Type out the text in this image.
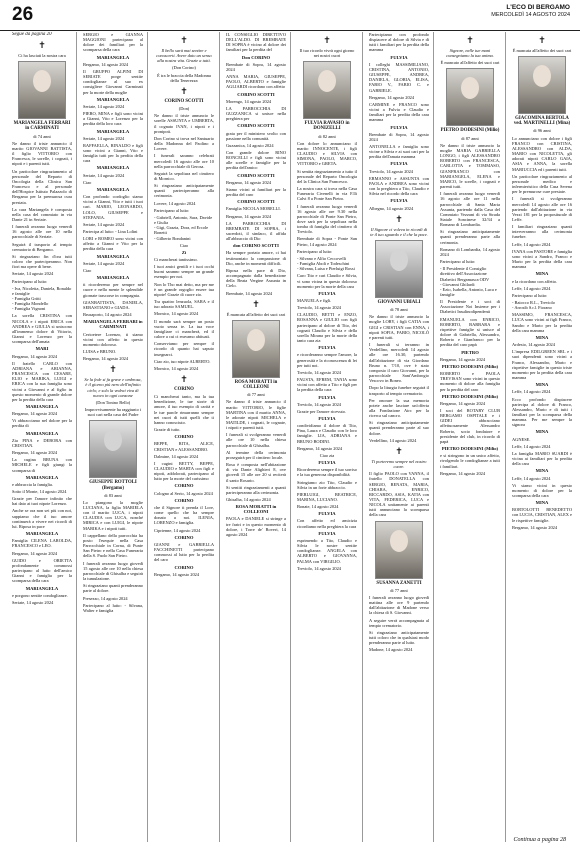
26	L'ECO DI BERGAMO
MERCOLEDÌ 14 AGOSTO 2024
Segue da pagina 20
✝

Ci ha lasciati la nostra cara

MARIANGELA FERRARI in CARMINATI

di 74 anni

Ne danno il triste annuncio il marito GIOVANNI BATTISTA, il figlio VITTORIO con Francesca, le sorelle, i cognati, i nipoti e i parenti tutti.

Un particolare ringraziamento al personale del Reparto di Oncologia della Clinica San Francesco e al personale dell'Hospice Istituto Palazzolo di Bergamo per la premurosa cura prestata.

La cara Mariangela è composta nella casa del commiato in via Dante 21 in Seriate.

I funerali avranno luogo venerdì 16 agosto alle ore 10 nella parrocchiale di Seriate.

Seguirà il trasporto al tempio crematorio di Bergamo.

Si ringraziano fin d'ora tutti coloro che parteciperanno. Non fiori ma opere di bene.

Seriate, 14 agosto 2024

Partecipano al lutto:

- Iva, Nicoletta, Daniela, Ronaldo e famiglie
- Famiglia Gritti
- Famiglia Mondello
- Famiglia Vignoni

La sorella CRISTINA con NICOLA e i nipoti ERICA con ANDREA e GIULIA si uniscono all'immenso dolore di Vittorio, Gianni e Lorenzo per la scomparsa dell'amata

MARI

Bergamo, 14 agosto 2024

Il fratello CARLO con ADRIANA e ARIANNA, FRANCESCA con CESARE, ELIO e MARIKA, LUIGI e ERICA con la sua famiglia sono vicini a Giovanni e al figlio in questo momento di grande dolore per la perdita della cara

MARIANGELA

Bergamo, 14 agosto 2024

Vi abbracciamo nel dolore per la perdita di

MARIANGELA

Zia PINA e DEBORA con CRISTIAN.

Bergamo, 14 agosto 2024

La cugina BRUNA con MICHELE e figli giungi la scomparsa di

MARIANGELA

e abbraccia la famiglia.

Sotto il Monte, 14 agosto 2024

Grazie per l'amore infinito che hai dato ai tuoi nipote Lorenzo.

Anche se ora non sei più con noi, sappiamo che il tuo amore continuerà a vivere nei ricordi di lui. Riposa in pace

MARIANGELA

Famiglia CILENA LAROLDA, FRANCESCO e LEO.

Bergamo, 14 agosto 2024

GUIDO e ORIETTA profondamente commossi partecipano al lutto dell'amico Gianni e famiglia per la scomparsa della cara

MARIANGELA

e porgono sentite condoglianze.

Seriate, 14 agosto 2024

SERGIO e GIANNA MAGGIONI partecipano al dolore dei familiari per la scomparsa della cara

MARIANGELA

Bergamo, 14 agosto 2024

Il GRUPPO ALPINI DI SERIATE porge sentite condoglianze al suo ex consigliere Giovanni Carminati per la morte della moglie

MARIANGELA

Seriate, 14 agosto 2024

PIERO, MINA e figli sono vicini a Gianni, Vito e Lorenzo per la perdita della loro cara

MARIANGELA

Seriate, 14 agosto 2024

RAFFAELLA, RINALDO e figli sono vicini a Gianni, Vito e famiglia tutti per la perdita della cara

MARIANGELA

Seriate, 14 agosto 2024

Ciao

MARIANGELA

Con profondo cordoglio siamo vicini a Gianni, Vito e tutti i tuoi cari. MARIO, LEONARDO, LOLO, GIUSEPPE e STEFANIA.

Seriate, 14 agosto 2024

Partecipa al lutto: - Lina Lolini

LORI e ROMEO sono vicini con affetto a Gianni e Vito per la perdita della cara

MARIANGELA

Seriate, 14 agosto 2024

Ciao

MARIANGELA

ti ricorderemo per sempre nel cuore e nella mente le splendide giornate trascorse in compagnia.

GIANBATTISTA, DANIELA, SEBASTIANO e GIADA.

Brusaporto, 14 agosto 2024

MARIANGELA FERRARI in CARMINATI

Cerioetere Lorenzo, ti siamo vicini con affetto in questo momento doloroso.

LUISA e BRUNO.

Bergamo, 14 agosto 2024

✝

Se la fede si fa grave e ombrosa, è il giorno più nero dell'infinito cielo; e solo la vedrai viva di nuovo in ogni canzone

(Don Tonino Bello)

Improvvisamente ha raggiunto i suoi cari nella casa del Padre

GIUSEPPE ROTTOLI (Bergamo)

di 83 anni

Lo piangono la moglie LUCIANA, la figlia MARIELA con il marito LUCA, i nipoti CLAUDIA con LUCA, nonché MIRICA e con LUIGI, le nipote MARIKA e i nipoti tutti.

Il cappellano della parrocchia ha posto l'esequie nella Casa Parrocchiale in Corna, di Punte San Pietro e nella Casa Funeraria della S. Paolo San Pietro.

I funerali avranno luogo giovedì 15 agosto alle ore 10 nella chiesa parrocchiale di Ghisalba e seguirà la tumulazione.

Si ringraziano quanti prenderanno parte al dolore.

Presezzo, 14 agosto 2024

Partecipano al lutto: - Silvana, Walter e famiglia

✝

Il bello sarà mai sentire e conoscerti. Avere dato un senso alla nostra vita. Grazie a tutti.

(Don Corino)

È tra le braccia della Madonna della Tenerezza

✝
CORINO SCOTTI

(Don)

Ne danno il triste annuncio le sorelle ASSUNTA e UMBERTA, il cognato IVAN, i nipoti e i pronipoti.

Don Corino si trova nel Santuario della Madonna del Paolino a Lovere.

I funerali saranno celebrati mercoledì 16 agosto alle ore 10 nella parrocchiale di Gerosa.

Seguirà la sepoltura nel cimitero di Mornico.

Si ringraziano anticipatamente quanti parteciperanno alla cerimonia.

Lovere, 14 agosto 2024

Partecipano al lutto:

- Gabriell, Antonio, Sara, Davide e Giulia
- Gigi, Grazia, Dora, ed Ercole Bonetti
- Gilberto Bondanini

Ciao

Zi

Ci mancherai tantissimo.

I tuoi amici gentili e i tuoi occhi buoni saranno sempre un grande esempio per noi.

Non lo Tho mai detto, ma per me è un grande orgoglio essere tua nipote! Grazie di cuore zio.

Tra quattro lenzuola, SARA e il tuo adorato SAMUEL.

Mornico, 14 agosto 2024

Il mondo sarà sempre un posto vuoto senza te. La tua voce famigliare ci mancherà, ed il calore a cui ci eravamo abituati.

Conserviamo per sempre il ricordo di quanto hai saputo insegnarci.

Ciao zio, tuo nipote ALBERTO.

Mornico, 14 agosto 2024

✝
CORINO

Ci mancherai tanto, ma la tua benedizione, le tue storie di amore, il tuo esempio di carità e le tue parole rimarranno sempre nei cuori di tutti quelli che ti hanno conosciuto.

Grazie di tutto.

CORINO

BEPPE, RITA, ALICE, CRISTIAN e ALESSANDRO.

Dalmine, 14 agosto 2024

I cugini BETTY, BEPPE, CLAUDIO e MARTA con figli e nipoti, addolorati, partecipano al lutto per la morte del carissimo

CORINO

Cologno al Serio, 14 agosto 2024

CORINO

che il Signore ti prenda il Lore, come quello che ha sempre donato a noi. ILENIA, LORENZO e famiglia.

Ciprienne, 14 agosto 2024

CORINO

GIANNI e GABRIELLA FACCHINETTI partecipano commossi al lutto per la perdita del caro

CORINO

Bergamo, 14 agosto 2024

IL CONSIGLIO DIRETTIVO DELL'ALDO. DI BREMBATE DI SOPRA è vicino al dolore dei familiari per la perdita del

Don CORINO

Brembate di Sopra, 14 agosto 2024

ANNA MARIA, GIUSEPPE, PAOLO, ALBERTO e famiglie AGLIARDI ricordano con affetto

CORINO SCOTTI

Morengo, 14 agosto 2024

LA PARROCCHIA DI GUZZANICA si unisce nella preghiera per

CORINO SCOTTI

grata per il ministero svolto con passione nella comunità.

Guzzanica, 14 agosto 2024

Con grande dolore RINO RONCELLI e figli sono vicini alle sorelle e famiglie per la perdita dell'amico

CORINO SCOTTI

Bergamo, 14 agosto 2024

Siamo vicini ai familiari per la perdita del caro

CORINO SCOTTI

Famiglia NICOLA MORELLI.

Bergamo, 14 agosto 2024

LA PARROCCHIA DI BREMBATE DI SOPRA, i sacerdoti, il sindaco, il affida all'abbraccio di Dio

don CORINO SCOTTI

Ha sempre portato amore, ci hai testimoniato la compassione di Dio, anche in momenti difficili.

Riposa nella pace di Dio, accompagnato dalla benedizione della Beata Vergine Assunta in Cielo.

Brembate, 14 agosto 2024

✝

È mancata all'affetto dei suoi cari

ROSA MORATTI in COLLEONI

di 77 anni

Ne danno il triste annuncio il marito VITTORIO, le figlie MARTINA con il marito ANNA, le adorate nipoti MICHELA e MATILDE, i cognati, le cognate, i nipoti e parenti tutti.

I funerali si svolgeranno venerdì alle ore 10 nella chiesa parrocchiale di Ghisalba.

Al termine della cerimonia proseguirà per il cimitero locale.

Rosa è composta nell'abitazione di via Dante Alighieri 8, ove giovedì 15 alle ore 20 si reciterà il santo Rosario.

Si sentiti ringraziamenti a quanti parteciperanno alla cerimonia.

Ghisalba, 14 agosto 2024

ROSA MORATTI in COLLEONI

PAOLA e DANIELE si stringe a tre fratri e in questo momento di dolore, i Torre de' Roveri, 14 agosto 2024

✝

Il tuo ricordo vivrà ogni giorno nei nostri cuori

FULVIA RAVASIO in DONIZELLI

di 82 anni

Con dolore lo annunciano il marito INNOCENTE, i figli CLAUDIO e SILVIA con SIMONA, PAOLO, MARCO, VITTORIO e GRETA.

Si sentita ringraziamento a tutto il personale del Reparto Oncologia del la Clinica San Francesco.

La nostra cara si trova nella Casa Funeraria Civenelli in via F.lli Calvi 8 a Ponte San Pietro.

I funerali avranno luogo venerdì 16 agosto alle ore 9.30 nella parrocchiale di Ponte San Pietro, dove sarà per la sepoltura nella tomba di famiglia del cimitero di Treviolo.

Brembate di Sopra - Ponte San Pietro, 14 agosto 2024

Partecipano al lutto:

- Silvano e Alfio Ceccovelli
- Famiglia Aboli e Todeschini
- Silvana, Luisa e Pierluigi Rossi

Caro Tito e cari Claudio e Silvia, vi sono vicina in questo doloroso momento per la morte della cara

FULVIA

MANUELA e figli.

Treviolo, 14 agosto 2024

CLAUDIO, BETTI e ENZO, ROSANNA e GIULIO con figli partecipano al dolore di Tito, dei cognati Claudio e Silvia e della sorella Mirana per la morte della tanto cara zia

FULVIA

e ricorderanno sempre l'amore, la generosità e la riconoscenza di lei per tutti noi.

Treviolo, 14 agosto 2024

FAUSTA, EFREM, TANIA sono vicini con affetto a Tito e figli per la perdita della cara

FULVIA

Treviolo, 14 agosto 2024

Grazie per l'amore ricevuto.

FULVIA

condividiamo il dolore di Tito, Pina, Laura e Claudio con le loro famiglie. LIA, ADRIANA e BRUNO BODINI.

Bergamo, 14 agosto 2024

Ciao zia

FULVIA

Ricorderemo sempre il tuo sorriso e la tua generosa disponibilità.

Stringiamo zio Tito, Claudio e Silvia in un forte abbraccio.

PIERLUIGI, BEATRICE, MARINA, LUCIANO.

Bonate, 14 agosto 2024

FULVIA

Con affetto ed amicizia ricordiamo nella preghiera la cara

FULVIA

esprimendo a Tito, Claudio e Silvia le nostre sentite condoglianze. ANGELA con ALBERTO e GIOVANNA, PALMA con VIRGILIO.

Treviolo, 14 agosto 2024

Partecipiamo con profondo dispiacere al dolore di Silvia e di tutti i familiari per la perdita della mamma

FULVIA

I colleghi MASSIMILIANO, CRISTINA, ANTONIO, GIUSEPPE, ANDREA, DANIELA, GLORIA, ELISA, FABIO V., FABIO C. e GABRIELE.

Bergamo, 14 agosto 2024

CARMINE e FRANCO sono vicini a Fulvia e Claudio e familiari per la perdita della cara mamma

FULVIA

Brembate di Sopra, 14 agosto 2024

ANTONELLA e famiglia sono vicine a Silvia e ai suoi cari per la perdita dell'amata mamma

FULVIA

Treviolo, 14 agosto 2024

ERMANNO e ASSUNTA con PAOLA e ANDREA sono vicini con la preghiera a Tito, Claudio e Silvia nel ricordo della cara

FULVIA

Albegno, 14 agosto 2024

✝

Il Signore ci voleva in ricordi di te il tuo sguardo e il che la pace.

GIOVANNI UBIALI

di 78 anni

Ne danno il triste annuncio la moglie LORY, i figli CATIA con GIGI e CRISTIAN con ENNA, i nipoti SOFIA, FABIO, NICOLÒ e parenti tutti.

I funerali si terranno in Verdellino, mercoledì 14 agosto alle ore 16.30, partendo dall'abitazione di via Giordano Bruno n. 7/10, ove è stato composto il caro Giovanni, per la parrocchiale Sant'Ambrogio Vescovo in Boneo.

Dopo la liturgia funebre seguirà il trasporto al tempio crematorio.

Per onorare la sua memoria potete anche lasciare un'offerta alla Fondazione Airc per la ricerca sul cancro.

Si ringraziano anticipatamente quanti prenderanno parte al suo dolore.

Verdellino, 14 agosto 2024

✝

Ti porteremo sempre nel nostro cuore.

Il figlio PAOLO con VANNA, il fratello DONATELLA con SERGIO, RENATA, MARIA, CHIARA, ENRICO, RICCARDO, ASIA, KATIA con VITA, FEDERICA, LUCA e NICOLA unitamente ai parenti tutti annunciano la scomparsa della cara

SUSANNA ZANETTI

di 77 anni

I funerali avranno luogo giovedì mattina alle ore 9 partendo dall'abitazione di Madone verso la chiesa di S. Giovanni.

A seguire verrà accompagnata al tempio crematorio.

Si ringraziano anticipatamente tutti coloro che in qualsiasi modo prenderanno parte al lutto.

Madone, 14 agosto 2024

✝

Signore, nelle tue mani consegniamo la tua anima.

È mancato all'affetto dei suoi cari

PIETRO DODESINI (Milio)

di 87 anni

Ne danno il triste annuncio la moglie MARIA GABRIELLA LONGO, i figli ALESSANDRO ROBERTO con FRANCESCA, CARLOTTA e TOMMASO, GIANFRANCO con MARIANGELA, ELENA e MARCO, le sorelle, i cognati e parenti tutti.

I funerali avranno luogo venerdì 16 agosto alle ore 11 nella parrocchiale di Santa Maria Assunta, partendo dalla Casa del Commiato Vezzani di via Strada Statale Soncinese 32/34 a Romano di Lombardia.

Si ringraziano anticipatamente quanti prenderanno parte alla cerimonia.

Romano di Lombardia, 14 agosto 2024

Partecipano al lutto:

- Il Presidente il Consiglio direttivo dell'Associazione Diabetici Bergamasca ODV
- Giovanni Ghilardi
- Ezio, Isabella, Antonio, Luca e famiglie

Il Presidente e i soci di Associazione Noi Insieme per i Diabetici Insulinodipendenti

EMANUELA con ENRICO, ROBERTO, BARBARA e rispettive famiglie si unisce al dolore di Gabriella, Alessandro, Roberto e Gianfranco per la perdita del caro papà

PIETRO

Bergamo, 14 agosto 2024

PIETRO DODESINI (Milio)

ROBERTO e PAOLA TREVISAN sono vicini in questo momento di dolore alla famiglia per la perdita del caro

PIETRO DODESINI (Milio)

Bergamo, 14 agosto 2024

I soci del ROTARY CLUB BERGAMO OSPITALE e i GIDEI abbracciano affettuosamente Alessandro Roberto, socio fondatore e presidente del club, in ricordo di papà

PIETRO DODESINI (Milio)

e si stringono in un unico affetto, rivolgendo le condoglianze a tutti i familiari.

Bergamo, 14 agosto 2024

✝

È mancata all'affetto dei suoi cari

GIACOMINA BERTOLA ved. MARTINELLI (Mina)

di 96 anni

Lo annunciano con dolore i figli FRANCO con CRISTINA, ALESSANDRO con ALDA, MARIO con NICOLETTA, gli adorati nipoti CARLO GAIA, ASIA e ANNA, la sorella MARIUCCIA ed i parenti tutti.

Un particolare ringraziamento al personale medico e infermieristico della Casa Serena per le premurose cure prestate.

I funerali si svolgeranno mercoledì 14 agosto alle ore 16 partendo dall'abitazione in via Vezzi 181 per la propositurale di Leffe.

I familiari ringraziano quanti interverranno alla cerimonia funebre.

Leffe, 14 agosto 2024

IVANA con PASTORE e famiglia sono vicini a Sandro, Franco e Mario per la perdita della cara mamma

MINA

e la ricordano con affetto.

Leffe, 14 agosto 2024

Partecipano al lutto:

- Baiocco R.L., Treviolo
- Arrosib S.r.l. Fiorano

MASSIMO, FRANCESCA, LUCA sono vicini ai figli Franco, Sandro e Mario per la perdita della cara mamma

MINA

Ardesio, 14 agosto 2024

L'impresa EDILGREEN SRL e i suoi dipendenti sono vicini a Franco, Alessandro, Mario e rispettive famiglie in questo triste momento per la perdita della cara mamma

MINA

Leffe, 14 agosto 2024

Ecco profondo dispiacere partecipa al dolore di Franco, Alessandro, Mario e di tutti i familiari per la scomparsa della mamma. Per me sempre la signora

MINA

AGNESE.

Leffe, 14 agosto 2024

La famiglia MARIO SUARDI è vicina ai familiari per la perdita della cara

MINA

Leffe, 14 agosto 2024

Vi siamo vicini in questo momento di dolore per la scomparsa della cara

MINA

BORTOLOTTI BENEDETTO con LUCIA, CRISTIAN, ALEX e le rispettive famiglie.

Bergamo, 14 agosto 2024

Continua a pagina 28
